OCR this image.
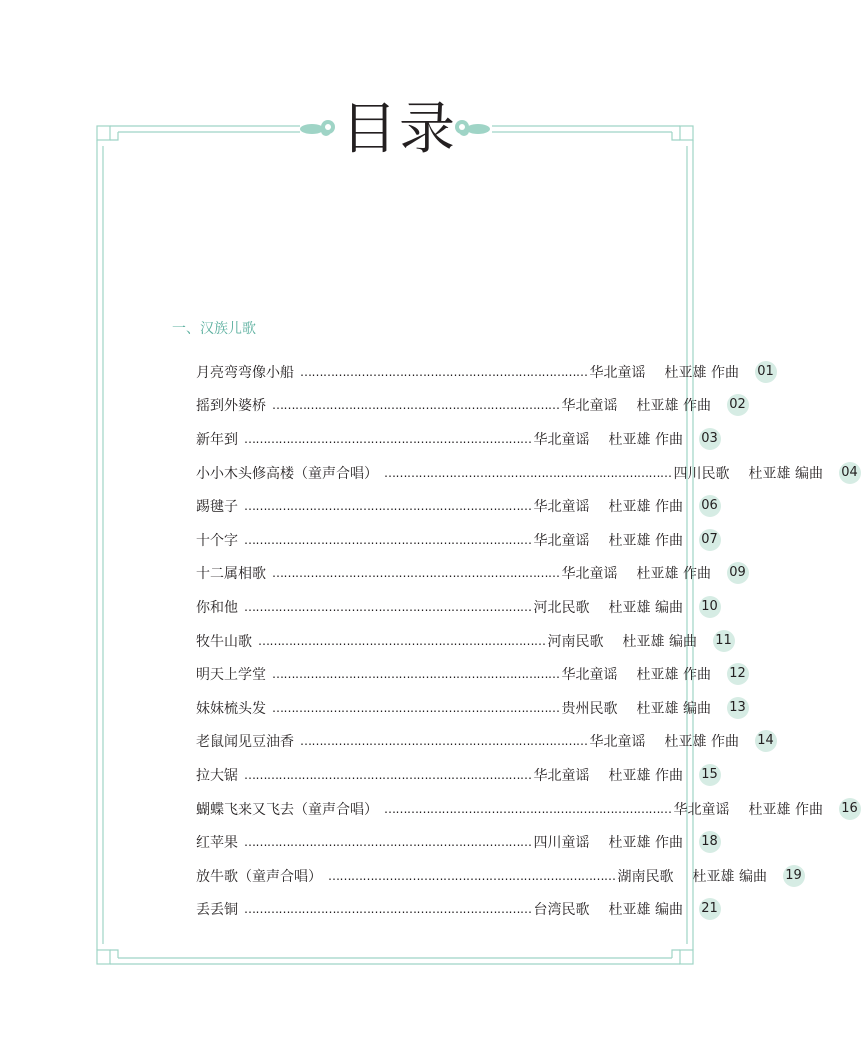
目录
一、汉族儿歌
月亮弯弯像小船 ………………………………………………………………… 华北童谣	杜亚雄 作曲	01
摇到外婆桥 ………………………………………………………………… 华北童谣	杜亚雄 作曲	02
新年到 ………………………………………………………………… 华北童谣	杜亚雄 作曲	03
小小木头修高楼（童声合唱） ………………………………………………………………… 四川民歌	杜亚雄 编曲	04
踢毽子 ………………………………………………………………… 华北童谣	杜亚雄 作曲	06
十个字 ………………………………………………………………… 华北童谣	杜亚雄 作曲	07
十二属相歌 ………………………………………………………………… 华北童谣	杜亚雄 作曲	09
你和他 ………………………………………………………………… 河北民歌	杜亚雄 编曲	10
牧牛山歌 ………………………………………………………………… 河南民歌	杜亚雄 编曲	11
明天上学堂 ………………………………………………………………… 华北童谣	杜亚雄 作曲	12
妹妹梳头发 ………………………………………………………………… 贵州民歌	杜亚雄 编曲	13
老鼠闻见豆油香 ………………………………………………………………… 华北童谣	杜亚雄 作曲	14
拉大锯 ………………………………………………………………… 华北童谣	杜亚雄 作曲	15
蝴蝶飞来又飞去（童声合唱） ………………………………………………………………… 华北童谣	杜亚雄 作曲	16
红苹果 ………………………………………………………………… 四川童谣	杜亚雄 作曲	18
放牛歌（童声合唱） ………………………………………………………………… 湖南民歌	杜亚雄 编曲	19
丢丢铜 ………………………………………………………………… 台湾民歌	杜亚雄 编曲	21
